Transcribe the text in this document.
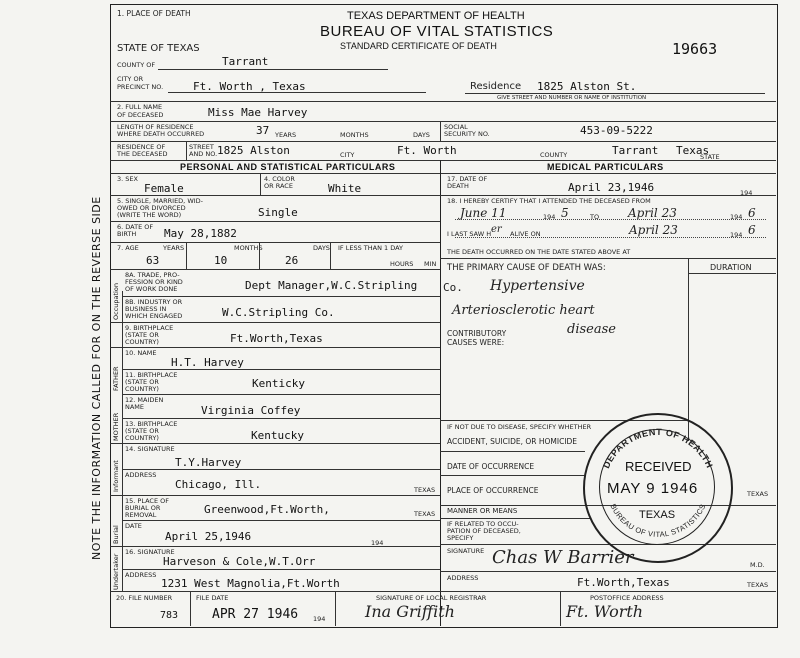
NOTE THE INFORMATION CALLED FOR ON THE REVERSE SIDE
1. PLACE OF DEATH
STATE OF TEXAS
TEXAS DEPARTMENT OF HEALTH
BUREAU OF VITAL STATISTICS
STANDARD CERTIFICATE OF DEATH	19663
COUNTY OF	Tarrant
CITY OR
PRECINCT NO.	Ft. Worth , Texas	Residence 1825 Alston St.
GIVE STREET AND NUMBER OR NAME OF INSTITUTION
2. FULL NAME
OF DECEASED	Miss Mae Harvey
LENGTH OF RESIDENCE
WHERE DEATH OCCURRED	37 YEARS	MONTHS	DAYS
SOCIAL
SECURITY NO.	453-09-5222
RESIDENCE OF
THE DECEASED
STREET
AND NO. 1825 Alston	CITY	Ft. Worth	COUNTY	Tarrant Texas
STATE
PERSONAL AND STATISTICAL PARTICULARS	MEDICAL PARTICULARS
3. SEX
Female
4. COLOR
OR RACE	White
5. SINGLE, MARRIED, WID-
OWED OR DIVORCED
(WRITE THE WORD)	Single
6. DATE OF
BIRTH	May 28,1882
7. AGE	YEARS	MONTHS	DAYS IF LESS THAN 1 DAY
63	10	26	HOURS MIN
8A. TRADE, PRO-
FESSION OR KIND
OF WORK DONE	Dept Manager,W.C.Stripling
8B. INDUSTRY OR
BUSINESS IN
WHICH ENGAGED	W.C.Stripling Co.
9. BIRTHPLACE
(STATE OR
COUNTRY)	Ft.Worth,Texas
10. NAME
H.T. Harvey
11. BIRTHPLACE
(STATE OR
COUNTRY)	Kenticky
12. MAIDEN
NAME	Virginia Coffey
13. BIRTHPLACE
(STATE OR
COUNTRY)	Kentucky
14. SIGNATURE
T.Y.Harvey
ADDRESS
Chicago, Ill.	TEXAS
15. PLACE OF
BURIAL OR
REMOVAL	Greenwood,Ft.Worth,	TEXAS
DATE
April 25,1946	194
16. SIGNATURE
Harveson & Cole,W.T.Orr
ADDRESS
1231 West Magnolia,Ft.Worth
Occupation
FATHER
MOTHER
Informant
Burial
Undertaker
17. DATE OF
DEATH	April 23,1946	194
18. I HEREBY CERTIFY THAT I ATTENDED THE DECEASED FROM
June 11	194 5	TO April 23	194 6
I LAST SAW H er ALIVE ON	April 23	194 6
THE DEATH OCCURRED ON THE DATE STATED ABOVE AT
THE PRIMARY CAUSE OF DEATH WAS:	DURATION
Co. Hypertensive
Arteriosclerotic heart
disease
CONTRIBUTORY
CAUSES WERE:
IF NOT DUE TO DISEASE, SPECIFY WHETHER
ACCIDENT, SUICIDE, OR HOMICIDE
DATE OF OCCURRENCE
PLACE OF OCCURRENCE	TEXAS
MANNER OR MEANS
IF RELATED TO OCCU-
PATION OF DECEASED,
SPECIFY
SIGNATURE Chas W Barrier	M.D.
ADDRESS	Ft.Worth,Texas	TEXAS
DEPARTMENT OF HEALTH
BUREAU OF VITAL STATISTICS
RECEIVED
MAY 9 1946
TEXAS
20. FILE NUMBER	FILE DATE	SIGNATURE OF LOCAL REGISTRAR	POSTOFFICE ADDRESS
783	APR 27 1946 194 Ina Griffith	Ft. Worth
